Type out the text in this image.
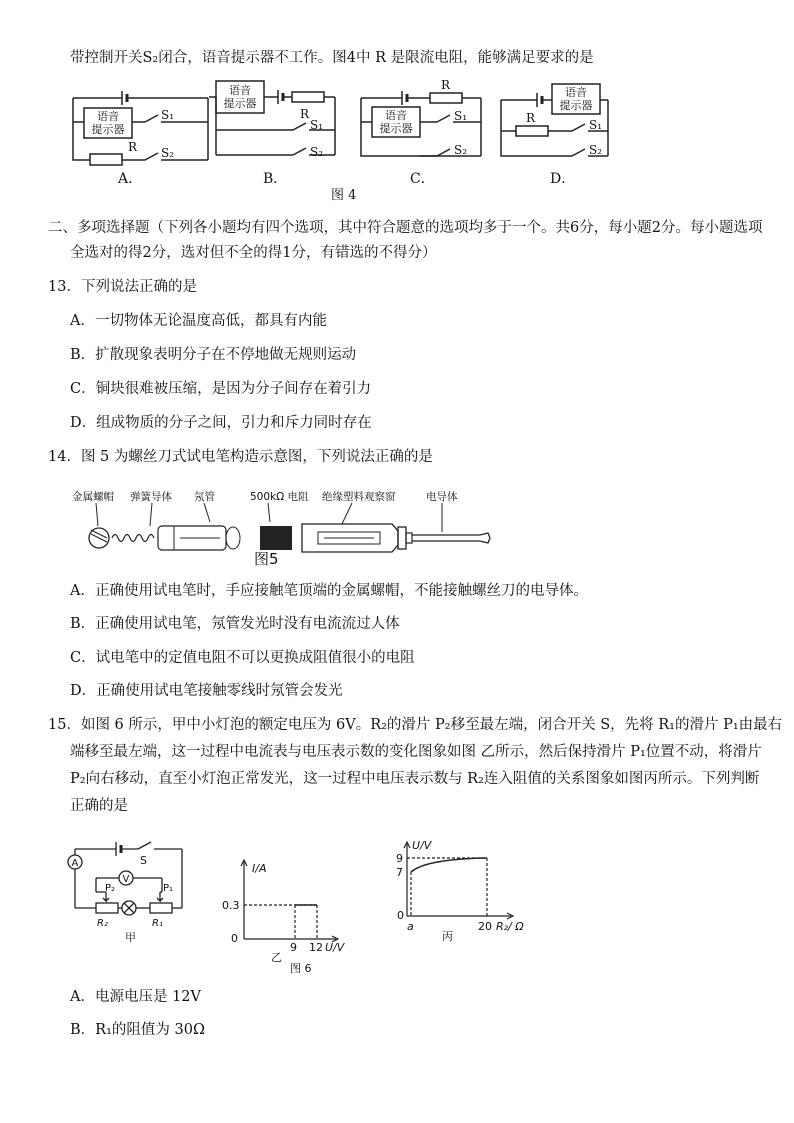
带控制开关S₂闭合，语音提示器不工作。图4中 R 是限流电阻，能够满足要求的是
语音
提示器
语音
提示器
语音
提示器
语音
提示器
R
S₁
S₂
R
S₁
S₂
R
S₁
S₂
R	S₁
S₂
A．	B．	C．	D．
图 4
二、多项选择题（下列各小题均有四个选项，其中符合题意的选项均多于一个。共6分，每小题2分。每小题选项
全选对的得2分，选对但不全的得1分，有错选的不得分）
13．下列说法正确的是
A．一切物体无论温度高低，都具有内能
B．扩散现象表明分子在不停地做无规则运动
C．铜块很难被压缩，是因为分子间存在着引力
D．组成物质的分子之间，引力和斥力同时存在
14．图 5 为螺丝刀式试电笔构造示意图，下列说法正确的是
金属螺帽 弹簧导体 氖管	500kΩ 电阻 绝缘塑料观察窗	电导体
图5
A．正确使用试电笔时，手应接触笔顶端的金属螺帽，不能接触螺丝刀的电导体。
B．正确使用试电笔，氖管发光时没有电流流过人体
C．试电笔中的定值电阻不可以更换成阻值很小的电阻
D．正确使用试电笔接触零线时氖管会发光
15．如图 6 所示，甲中小灯泡的额定电压为 6V。R₂的滑片 P₂移至最左端，闭合开关 S，先将 R₁的滑片 P₁由最右
端移至最左端，这一过程中电流表与电压表示数的变化图象如图 乙所示，然后保持滑片 P₁位置不动，将滑片
P₂向右移动，直至小灯泡正常发光，这一过程中电压表示数与 R₂连入阻值的关系图象如图丙所示。下列判断
正确的是
A
V
S
P₂	P₁
R₂	R₁
甲
I/A
0
0.3
9 12 U/V
乙
图 6
U/V
9
7
0
a	20 R₂/ Ω
丙
A．电源电压是 12V
B．R₁的阻值为 30Ω
